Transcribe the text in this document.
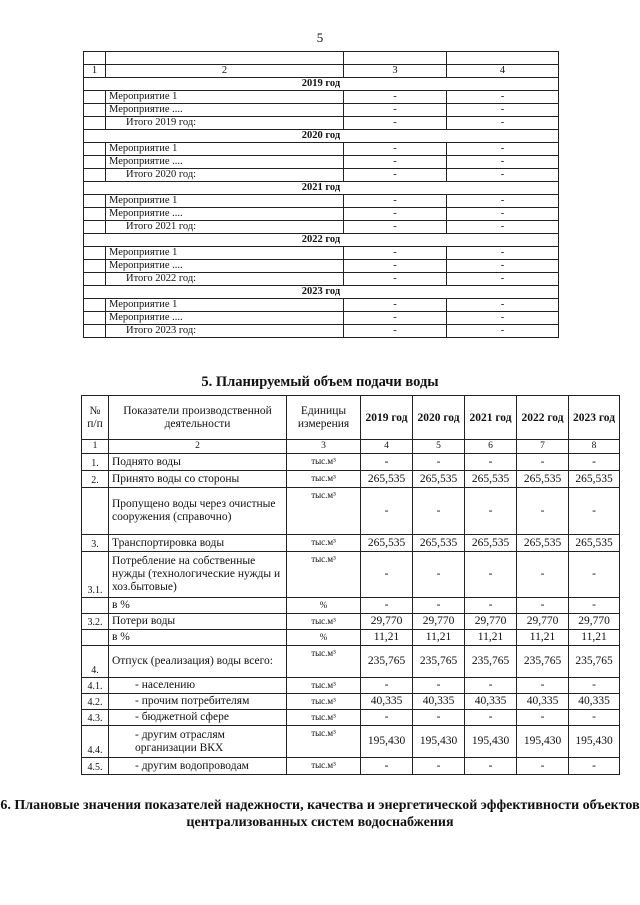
5

1	2	3	4
2019 год			
	Мероприятие 1	-	-
	Мероприятие ....	-	-
	Итого 2019 год:	-	-
2020 год			
	Мероприятие 1	-	-
	Мероприятие ....	-	-
	Итого 2020 год:	-	-
2021 год			
	Мероприятие 1	-	-
	Мероприятие ....	-	-
	Итого 2021 год:	-	-
2022 год			
	Мероприятие 1	-	-
	Мероприятие ....	-	-
	Итого 2022 год:	-	-
2023 год			
	Мероприятие 1	-	-
	Мероприятие ....	-	-
	Итого 2023 год:	-	-
5. Планируемый объем подачи воды
№ п/п	Показатели производственной деятельности	Единицы измерения	2019 год	2020 год	2021 год	2022 год	2023 год
1	2	3	4	5	6	7	8
1.	Поднято воды	тыс.м³	-	-	-	-	-
2.	Принято воды со стороны	тыс.м³	265,535	265,535	265,535	265,535	265,535
	Пропущено воды через очистные сооружения (справочно)	тыс.м³	-	-	-	-	-
3.	Транспортировка воды	тыс.м³	265,535	265,535	265,535	265,535	265,535
3.1.	Потребление на собственные нужды (технологические нужды и хоз.бытовые)	тыс.м³	-	-	-	-	-
	в %	%	-	-	-	-	-
3.2.	Потери воды	тыс.м³	29,770	29,770	29,770	29,770	29,770
	в %	%	11,21	11,21	11,21	11,21	11,21
4.	Отпуск (реализация) воды всего:	тыс.м³	235,765	235,765	235,765	235,765	235,765
4.1.	- населению	тыс.м³	-	-	-	-	-
4.2.	- прочим потребителям	тыс.м³	40,335	40,335	40,335	40,335	40,335
4.3.	- бюджетной сфере	тыс.м³	-	-	-	-	-
4.4.	- другим отраслям организации ВКХ	тыс.м³	195,430	195,430	195,430	195,430	195,430
4.5.	- другим водопроводам	тыс.м³	-	-	-	-	-
6. Плановые значения показателей надежности, качества и энергетической эффективности объектов централизованных систем водоснабжения
